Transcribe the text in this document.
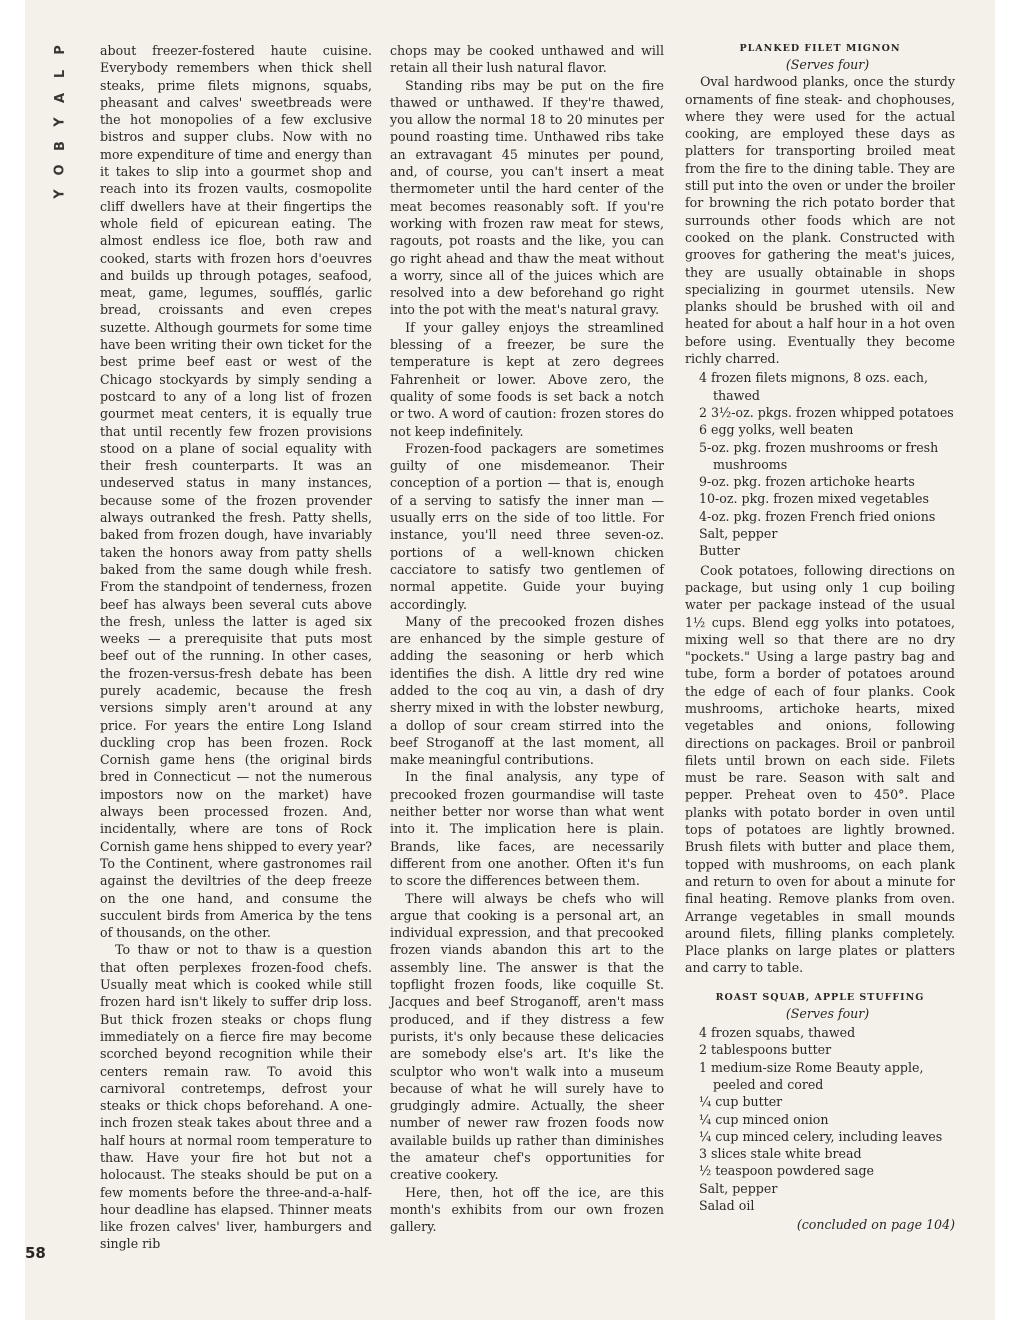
P
L
A
Y
B
O
Y
58

about freezer-fostered haute cuisine. Everybody remembers when thick shell steaks, prime filets mignons, squabs, pheasant and calves' sweetbreads were the hot monopolies of a few exclusive bistros and supper clubs. Now with no more expenditure of time and energy than it takes to slip into a gourmet shop and reach into its frozen vaults, cosmopolite cliff dwellers have at their fingertips the whole field of epicurean eating. The almost endless ice floe, both raw and cooked, starts with frozen hors d'oeuvres and builds up through potages, seafood, meat, game, legumes, soufflés, garlic bread, croissants and even crepes suzette. Although gourmets for some time have been writing their own ticket for the best prime beef east or west of the Chicago stockyards by simply sending a postcard to any of a long list of frozen gourmet meat centers, it is equally true that until recently few frozen provisions stood on a plane of social equality with their fresh counterparts. It was an undeserved status in many instances, because some of the frozen provender always outranked the fresh. Patty shells, baked from frozen dough, have invariably taken the honors away from patty shells baked from the same dough while fresh. From the standpoint of tenderness, frozen beef has always been several cuts above the fresh, unless the latter is aged six weeks — a prerequisite that puts most beef out of the running. In other cases, the frozen-versus-fresh debate has been purely academic, because the fresh versions simply aren't around at any price. For years the entire Long Island duckling crop has been frozen. Rock Cornish game hens (the original birds bred in Connecticut — not the numerous impostors now on the market) have always been processed frozen. And, incidentally, where are tons of Rock Cornish game hens shipped to every year? To the Continent, where gastronomes rail against the deviltries of the deep freeze on the one hand, and consume the succulent birds from America by the tens of thousands, on the other.

To thaw or not to thaw is a question that often perplexes frozen-food chefs. Usually meat which is cooked while still frozen hard isn't likely to suffer drip loss. But thick frozen steaks or chops flung immediately on a fierce fire may become scorched beyond recognition while their centers remain raw. To avoid this carnivoral contretemps, defrost your steaks or thick chops beforehand. A one-inch frozen steak takes about three and a half hours at normal room temperature to thaw. Have your fire hot but not a holocaust. The steaks should be put on a few moments before the three-and-a-half-hour deadline has elapsed. Thinner meats like frozen calves' liver, hamburgers and single rib

chops may be cooked unthawed and will retain all their lush natural flavor.

Standing ribs may be put on the fire thawed or unthawed. If they're thawed, you allow the normal 18 to 20 minutes per pound roasting time. Unthawed ribs take an extravagant 45 minutes per pound, and, of course, you can't insert a meat thermometer until the hard center of the meat becomes reasonably soft. If you're working with frozen raw meat for stews, ragouts, pot roasts and the like, you can go right ahead and thaw the meat without a worry, since all of the juices which are resolved into a dew beforehand go right into the pot with the meat's natural gravy.

If your galley enjoys the streamlined blessing of a freezer, be sure the temperature is kept at zero degrees Fahrenheit or lower. Above zero, the quality of some foods is set back a notch or two. A word of caution: frozen stores do not keep indefinitely.

Frozen-food packagers are sometimes guilty of one misdemeanor. Their conception of a portion — that is, enough of a serving to satisfy the inner man — usually errs on the side of too little. For instance, you'll need three seven-oz. portions of a well-known chicken cacciatore to satisfy two gentlemen of normal appetite. Guide your buying accordingly.

Many of the precooked frozen dishes are enhanced by the simple gesture of adding the seasoning or herb which identifies the dish. A little dry red wine added to the coq au vin, a dash of dry sherry mixed in with the lobster newburg, a dollop of sour cream stirred into the beef Stroganoff at the last moment, all make meaningful contributions.

In the final analysis, any type of precooked frozen gourmandise will taste neither better nor worse than what went into it. The implication here is plain. Brands, like faces, are necessarily different from one another. Often it's fun to score the differences between them.

There will always be chefs who will argue that cooking is a personal art, an individual expression, and that precooked frozen viands abandon this art to the assembly line. The answer is that the topflight frozen foods, like coquille St. Jacques and beef Stroganoff, aren't mass produced, and if they distress a few purists, it's only because these delicacies are somebody else's art. It's like the sculptor who won't walk into a museum because of what he will surely have to grudgingly admire. Actually, the sheer number of newer raw frozen foods now available builds up rather than diminishes the amateur chef's opportunities for creative cookery.

Here, then, hot off the ice, are this month's exhibits from our own frozen gallery.

PLANKED FILET MIGNON

(Serves four)

Oval hardwood planks, once the sturdy ornaments of fine steak- and chophouses, where they were used for the actual cooking, are employed these days as platters for transporting broiled meat from the fire to the dining table. They are still put into the oven or under the broiler for browning the rich potato border that surrounds other foods which are not cooked on the plank. Constructed with grooves for gathering the meat's juices, they are usually obtainable in shops specializing in gourmet utensils. New planks should be brushed with oil and heated for about a half hour in a hot oven before using. Eventually they become richly charred.

4 frozen filets mignons, 8 ozs. each, thawed
2 3½-oz. pkgs. frozen whipped potatoes
6 egg yolks, well beaten
5-oz. pkg. frozen mushrooms or fresh mushrooms
9-oz. pkg. frozen artichoke hearts
10-oz. pkg. frozen mixed vegetables
4-oz. pkg. frozen French fried onions
Salt, pepper
Butter

Cook potatoes, following directions on package, but using only 1 cup boiling water per package instead of the usual 1½ cups. Blend egg yolks into potatoes, mixing well so that there are no dry "pockets." Using a large pastry bag and tube, form a border of potatoes around the edge of each of four planks. Cook mushrooms, artichoke hearts, mixed vegetables and onions, following directions on packages. Broil or panbroil filets until brown on each side. Filets must be rare. Season with salt and pepper. Preheat oven to 450°. Place planks with potato border in oven until tops of potatoes are lightly browned. Brush filets with butter and place them, topped with mushrooms, on each plank and return to oven for about a minute for final heating. Remove planks from oven. Arrange vegetables in small mounds around filets, filling planks completely. Place planks on large plates or platters and carry to table.

ROAST SQUAB, APPLE STUFFING

(Serves four)

4 frozen squabs, thawed
2 tablespoons butter
1 medium-size Rome Beauty apple, peeled and cored
¼ cup butter
¼ cup minced onion
¼ cup minced celery, including leaves
3 slices stale white bread
½ teaspoon powdered sage
Salt, pepper
Salad oil

(concluded on page 104)
